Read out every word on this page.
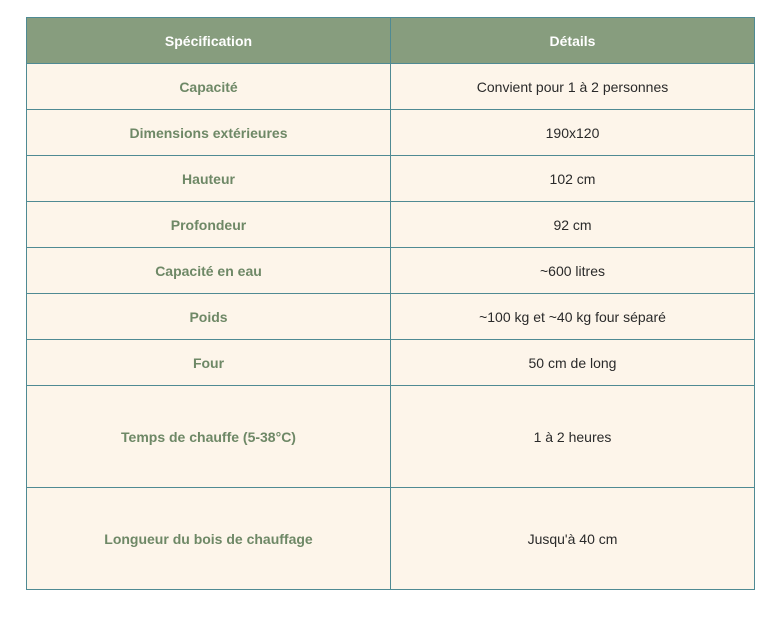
Spécification	Détails
Capacité	Convient pour 1 à 2 personnes
Dimensions extérieures	190x120
Hauteur	102 cm
Profondeur	92 cm
Capacité en eau	~600 litres
Poids	~100 kg et ~40 kg four séparé
Four	50 cm de long
Temps de chauffe (5-38°C)	1 à 2 heures
Longueur du bois de chauffage	Jusqu'à 40 cm
